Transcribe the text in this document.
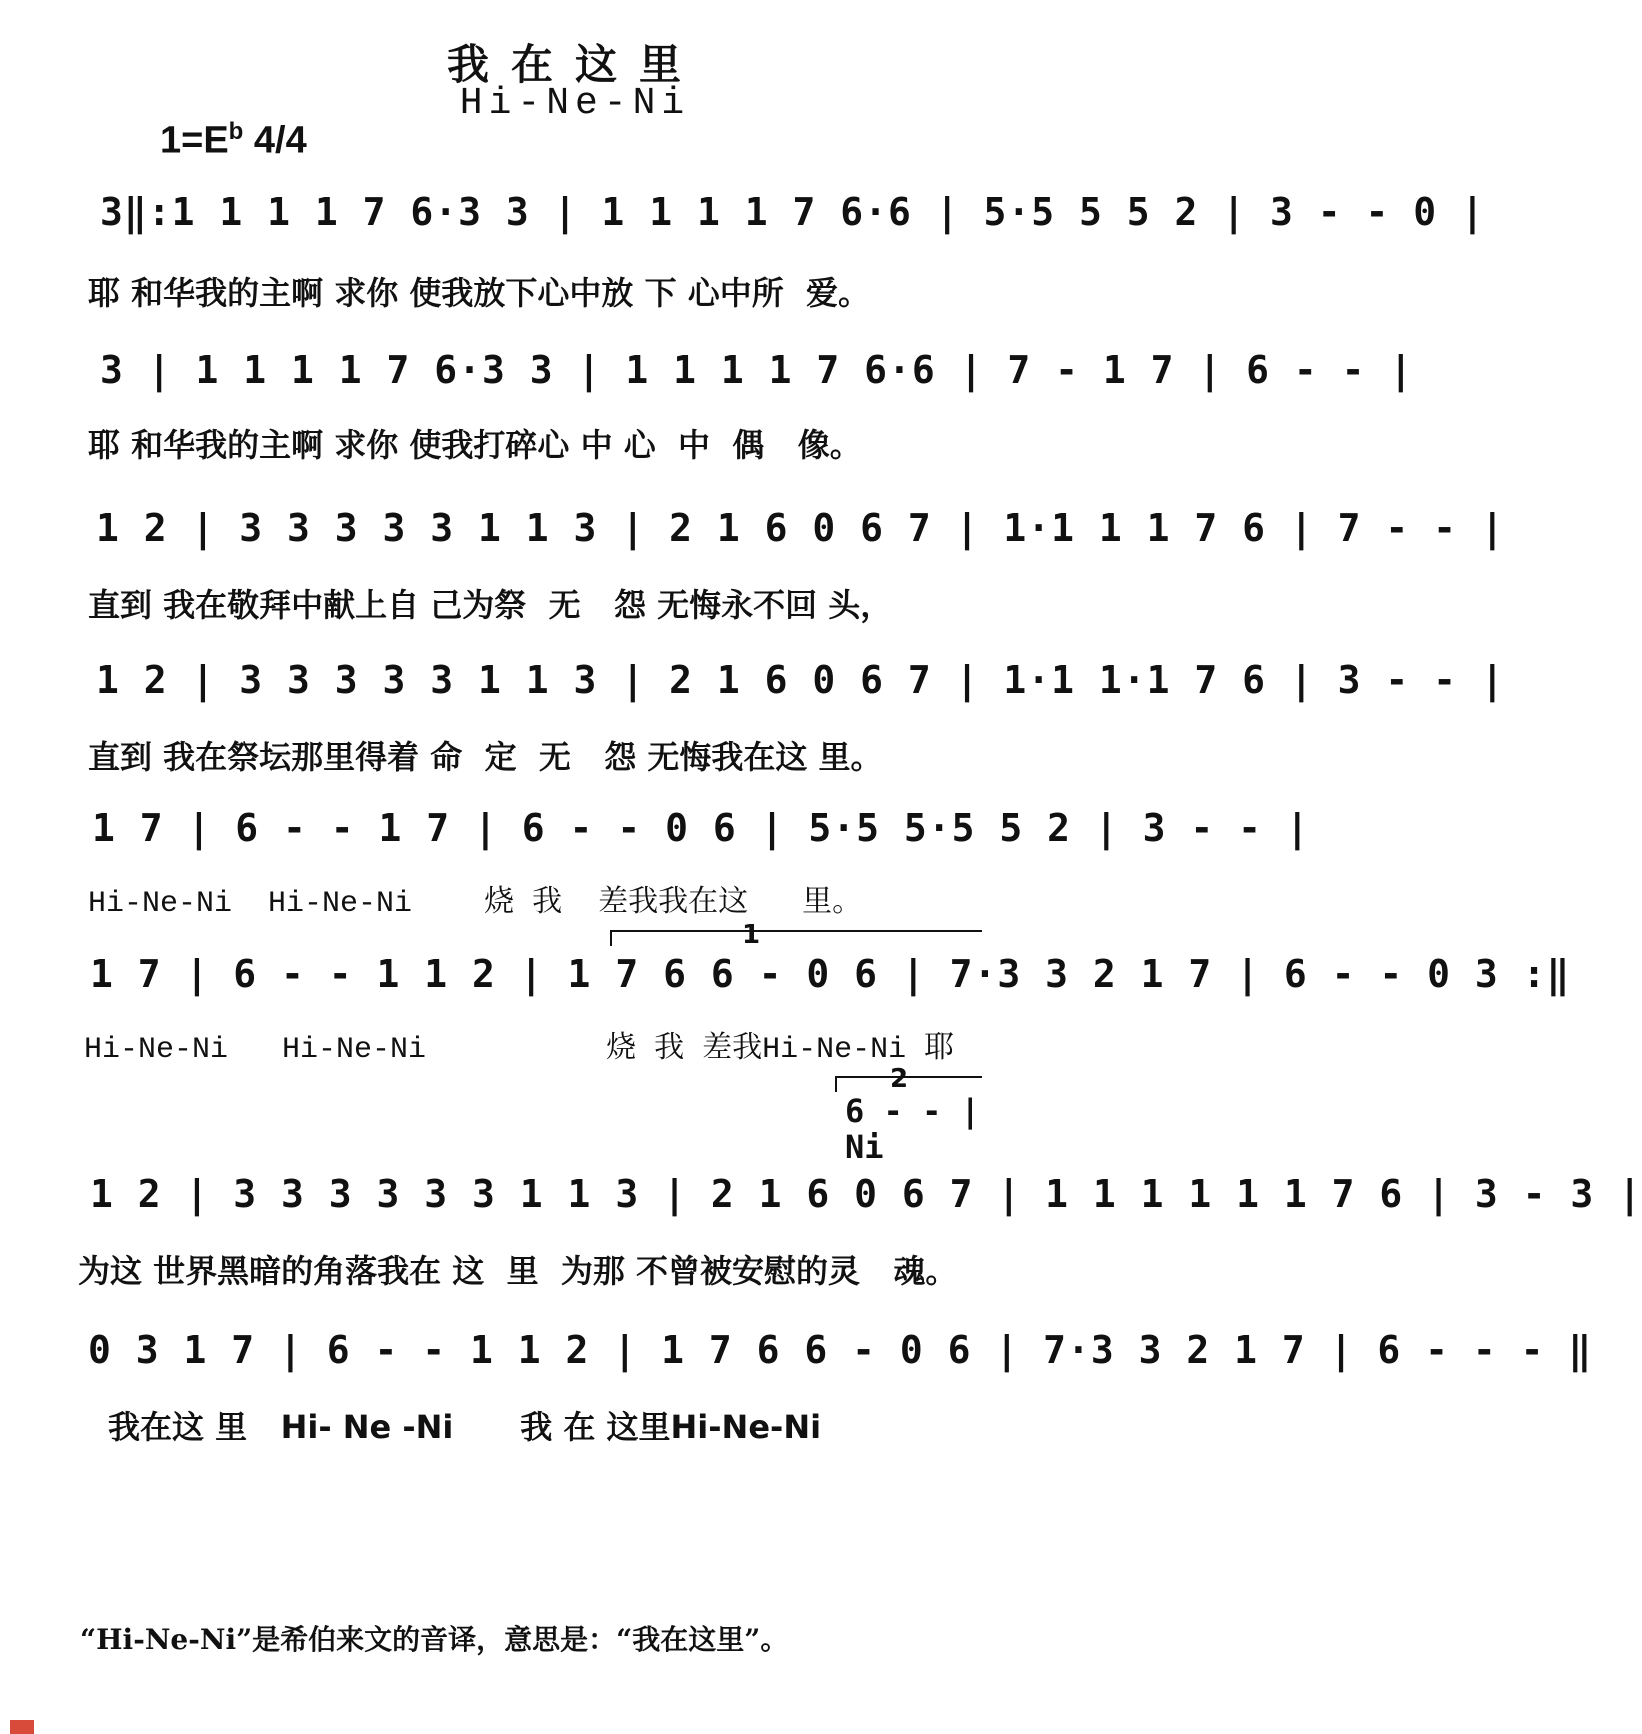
我在这里
Hi-Ne-Ni
$1=E^b$ 4/4
3‖:1 1 1 1 7 6·3 3 | 1 1 1 1 7 6·6 | 5·5 5 5 2 | 3 - - 0 |
耶 和华我的主啊 求你 使我放下心中放 下 心中所  爱。
3 | 1 1 1 1 7 6·3 3 | 1 1 1 1 7 6·6 | 7 - 1 7 | 6 - - |
耶 和华我的主啊 求你 使我打碎心 中 心  中  偶   像。
1 2 | 3 3 3 3 3 1 1 3 | 2 1 6 0 6 7 | 1·1 1 1 7 6 | 7 - - |
直到 我在敬拜中献上自 己为祭  无   怨 无悔永不回 头，
1 2 | 3 3 3 3 3 1 1 3 | 2 1 6 0 6 7 | 1·1 1·1 7 6 | 3 - - |
直到 我在祭坛那里得着 命  定  无   怨 无悔我在这 里。
1 7 | 6 - - 1 7 | 6 - - 0 6 | 5·5 5·5 5 2 | 3 - - |
Hi-Ne-Ni  Hi-Ne-Ni    烧 我  差我我在这   里。
1
1 7 | 6 - - 1 1 2 | 1 7 6 6 - 0 6 | 7·3 3 2 1 7 | 6 - - 0 3 :‖
Hi-Ne-Ni   Hi-Ne-Ni          烧 我 差我Hi-Ne-Ni 耶
2
6 - - |
Ni
1 2 | 3 3 3 3 3 3 1 1 3 | 2 1 6 0 6 7 | 1 1 1 1 1 1 7 6 | 3 - 3 |
为这 世界黑暗的角落我在 这  里  为那 不曾被安慰的灵   魂。
0 3 1 7 | 6 - - 1 1 2 | 1 7 6 6 - 0 6 | 7·3 3 2 1 7 | 6 - - - ‖
我在这 里   Hi- Ne -Ni      我 在 这里Hi-Ne-Ni
“Hi-Ne-Ni”是希伯来文的音译，意思是：“我在这里”。
